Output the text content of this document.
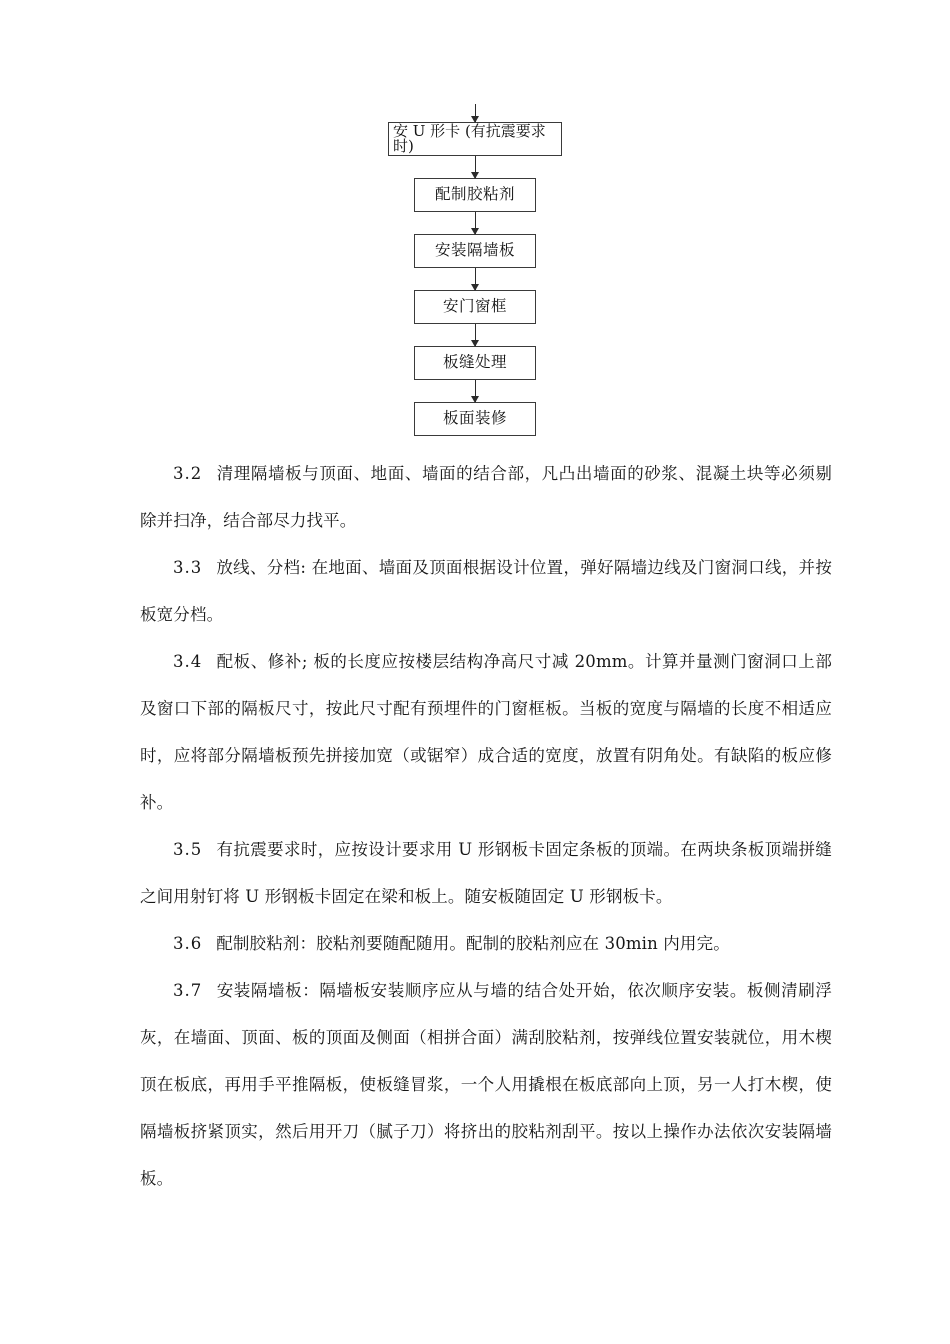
安 U 形卡 (有抗震要求时)
配制胶粘剂
安装隔墙板
安门窗框
板缝处理
板面装修

3.2 清理隔墙板与顶面、地面、墙面的结合部，凡凸出墙面的砂浆、混凝土块等必须剔除并扫净，结合部尽力找平。

3.3 放线、分档: 在地面、墙面及顶面根据设计位置，弹好隔墙边线及门窗洞口线，并按板宽分档。

3.4 配板、修补; 板的长度应按楼层结构净高尺寸减 20mm。计算并量测门窗洞口上部及窗口下部的隔板尺寸，按此尺寸配有预埋件的门窗框板。当板的宽度与隔墙的长度不相适应时，应将部分隔墙板预先拼接加宽（或锯窄）成合适的宽度，放置有阴角处。有缺陷的板应修补。

3.5 有抗震要求时，应按设计要求用 U 形钢板卡固定条板的顶端。在两块条板顶端拼缝之间用射钉将 U 形钢板卡固定在梁和板上。随安板随固定 U 形钢板卡。

3.6 配制胶粘剂：胶粘剂要随配随用。配制的胶粘剂应在 30min 内用完。

3.7 安装隔墙板：隔墙板安装顺序应从与墙的结合处开始，依次顺序安装。板侧清刷浮灰，在墙面、顶面、板的顶面及侧面（相拼合面）满刮胶粘剂，按弹线位置安装就位，用木楔顶在板底，再用手平推隔板，使板缝冒浆，一个人用撬根在板底部向上顶，另一人打木楔，使隔墙板挤紧顶实，然后用开刀（腻子刀）将挤出的胶粘剂刮平。按以上操作办法依次安装隔墙板。
